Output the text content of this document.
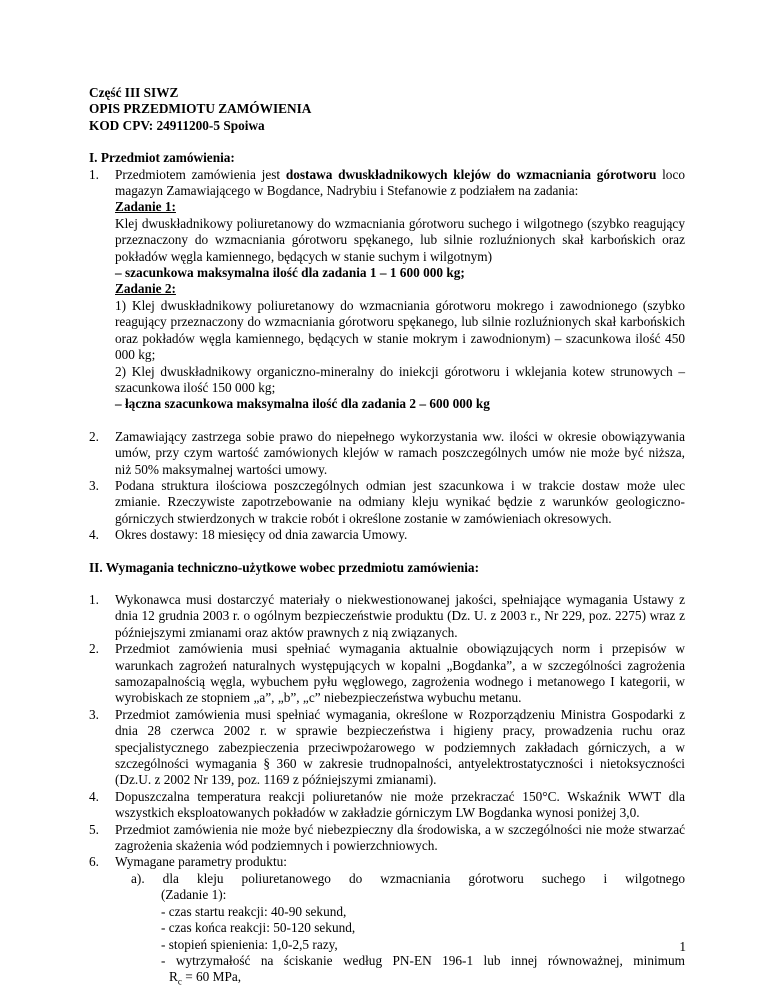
Część III SIWZ
OPIS PRZEDMIOTU ZAMÓWIENIA
KOD CPV: 24911200-5 Spoiwa
I. Przedmiot zamówienia:
1. Przedmiotem zamówienia jest dostawa dwuskładnikowych klejów do wzmacniania górotworu loco magazyn Zamawiającego w Bogdance, Nadrybiu i Stefanowie z podziałem na zadania:
Zadanie 1:
Klej dwuskładnikowy poliuretanowy do wzmacniania górotworu suchego i wilgotnego (szybko reagujący przeznaczony do wzmacniania górotworu spękanego, lub silnie rozluźnionych skał karbońskich oraz pokładów węgla kamiennego, będących w stanie suchym i wilgotnym)
– szacunkowa maksymalna ilość dla zadania 1 – 1 600 000 kg;
Zadanie 2:
1) Klej dwuskładnikowy poliuretanowy do wzmacniania górotworu mokrego i zawodnionego (szybko reagujący przeznaczony do wzmacniania górotworu spękanego, lub silnie rozluźnionych skał karbońskich oraz pokładów węgla kamiennego, będących w stanie mokrym i zawodnionym) – szacunkowa ilość 450 000 kg;
2) Klej dwuskładnikowy organiczno-mineralny do iniekcji górotworu i wklejania kotew strunowych – szacunkowa ilość 150 000 kg;
– łączna szacunkowa maksymalna ilość dla zadania 2 – 600 000 kg
2. Zamawiający zastrzega sobie prawo do niepełnego wykorzystania ww. ilości w okresie obowiązywania umów, przy czym wartość zamówionych klejów w ramach poszczególnych umów nie może być niższa, niż 50% maksymalnej wartości umowy.
3. Podana struktura ilościowa poszczególnych odmian jest szacunkowa i w trakcie dostaw może ulec zmianie. Rzeczywiste zapotrzebowanie na odmiany kleju wynikać będzie z warunków geologiczno-górniczych stwierdzonych w trakcie robót i określone zostanie w zamówieniach okresowych.
4. Okres dostawy: 18 miesięcy od dnia zawarcia Umowy.
II. Wymagania techniczno-użytkowe wobec przedmiotu zamówienia:
1. Wykonawca musi dostarczyć materiały o niekwestionowanej jakości, spełniające wymagania Ustawy z dnia 12 grudnia 2003 r. o ogólnym bezpieczeństwie produktu (Dz. U. z 2003 r., Nr 229, poz. 2275) wraz z późniejszymi zmianami oraz aktów prawnych z nią związanych.
2. Przedmiot zamówienia musi spełniać wymagania aktualnie obowiązujących norm i przepisów w warunkach zagrożeń naturalnych występujących w kopalni „Bogdanka”, a w szczególności zagrożenia samozapalnością węgla, wybuchem pyłu węglowego, zagrożenia wodnego i metanowego I kategorii, w wyrobiskach ze stopniem „a”, „b”, „c” niebezpieczeństwa wybuchu metanu.
3. Przedmiot zamówienia musi spełniać wymagania, określone w Rozporządzeniu Ministra Gospodarki z dnia 28 czerwca 2002 r. w sprawie bezpieczeństwa i higieny pracy, prowadzenia ruchu oraz specjalistycznego zabezpieczenia przeciwpożarowego w podziemnych zakładach górniczych, a w szczególności wymagania § 360 w zakresie trudnopalności, antyelektrostatyczności i nietoksyczności (Dz.U. z 2002 Nr 139, poz. 1169 z późniejszymi zmianami).
4. Dopuszczalna temperatura reakcji poliuretanów nie może przekraczać 150°C. Wskaźnik WWT dla wszystkich eksploatowanych pokładów w zakładzie górniczym LW Bogdanka wynosi poniżej 3,0.
5. Przedmiot zamówienia nie może być niebezpieczny dla środowiska, a w szczególności nie może stwarzać zagrożenia skażenia wód podziemnych i powierzchniowych.
6. Wymagane parametry produktu:
a). dla kleju poliuretanowego do wzmacniania górotworu suchego i wilgotnego
(Zadanie 1):
- czas startu reakcji: 40-90 sekund,
- czas końca reakcji: 50-120 sekund,
- stopień spienienia: 1,0-2,5 razy,
- wytrzymałość na ściskanie według PN-EN 196-1 lub innej równoważnej, minimum
$R_c = 60$ MPa,
1
